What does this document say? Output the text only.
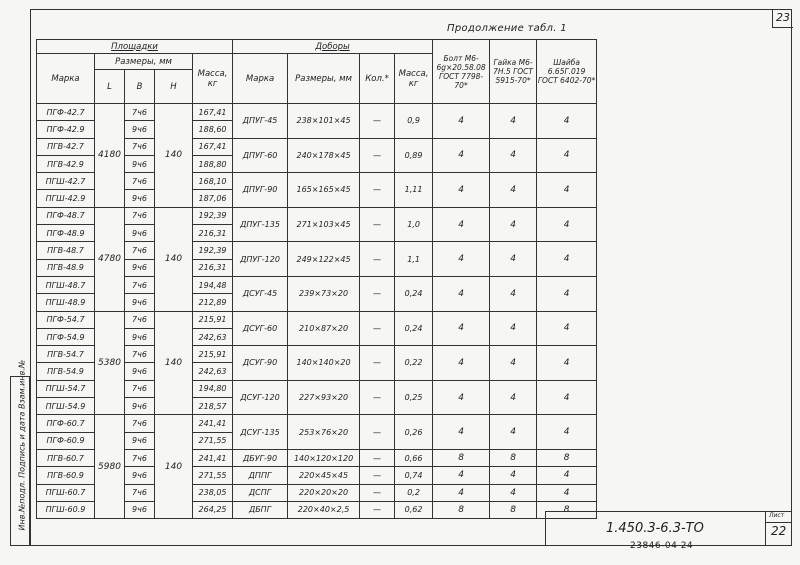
23
Продолжение табл. 1
Площадки					Доборы				Болт М6-6g×20.58.08 ГОСТ 7798-70*	Гайка М6-7Н.5 ГОСТ 5915-70*	Шайба 6.65Г.019 ГОСТ 6402-70*
Марка	Размеры, мм			Масса, кг	Марка	Размеры, мм	Кол.*	Масса, кг			
	L	В	Н								
ПГФ-42.7	4180	7ч6	140	167,41	ДПУГ-45	238×101×45	—	0,9	4	4	4
ПГФ-42.9		9ч6		188,60							
ПГВ-42.7		7ч6		167,41	ДПУГ-60	240×178×45	—	0,89	4	4	4
ПГВ-42.9		9ч6		188,80							
ПГШ-42.7		7ч6		168,10	ДПУГ-90	165×165×45	—	1,11	4	4	4
ПГШ-42.9		9ч6		187,06							
ПГФ-48.7	4780	7ч6	140	192,39	ДПУГ-135	271×103×45	—	1,0	4	4	4
ПГФ-48.9		9ч6		216,31							
ПГВ-48.7		7ч6		192,39	ДПУГ-120	249×122×45	—	1,1	4	4	4
ПГВ-48.9		9ч6		216,31							
ПГШ-48.7		7ч6		194,48	ДСУГ-45	239×73×20	—	0,24	4	4	4
ПГШ-48.9		9ч6		212,89							
ПГФ-54.7	5380	7ч6	140	215,91	ДСУГ-60	210×87×20	—	0,24	4	4	4
ПГФ-54.9		9ч6		242,63							
ПГВ-54.7		7ч6		215,91	ДСУГ-90	140×140×20	—	0,22	4	4	4
ПГВ-54.9		9ч6		242,63							
ПГШ-54.7		7ч6		194,80	ДСУГ-120	227×93×20	—	0,25	4	4	4
ПГШ-54.9		9ч6		218,57							
ПГФ-60.7	5980	7ч6	140	241,41	ДСУГ-135	253×76×20	—	0,26	4	4	4
ПГФ-60.9		9ч6		271,55							
ПГВ-60.7		7ч6		241,41	ДБУГ-90	140×120×120	—	0,66	8	8	8
ПГВ-60.9		9ч6		271,55	ДППГ	220×45×45	—	0,74	4	4	4
ПГШ-60.7		7ч6		238,05	ДСПГ	220×20×20	—	0,2	4	4	4
ПГШ-60.9		9ч6		264,25	ДБПГ	220×40×2,5	—	0,62	8	8	8
Инв.№подл. Подпись и дата Взам.инв.№	1.450.3-6.3-ТО
Лист
22
23846-04 24
